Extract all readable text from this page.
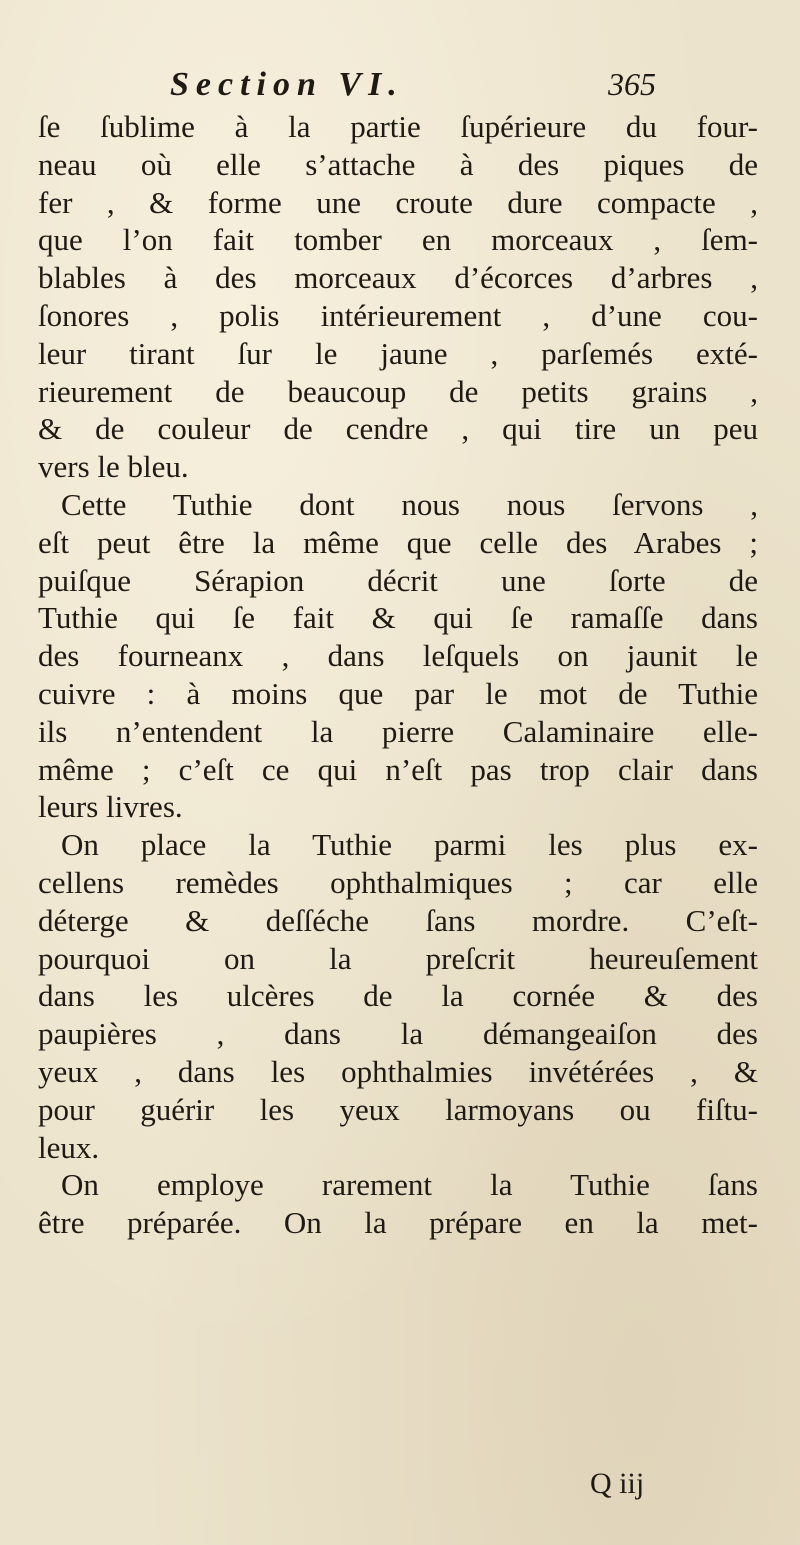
Section VI.	365
ſe ſublime à la partie ſupérieure du four-
neau où elle s’attache à des piques de
fer , & forme une croute dure compacte ,
que l’on fait tomber en morceaux , ſem-
blables à des morceaux d’écorces d’arbres ,
ſonores , polis intérieurement , d’une cou-
leur tirant ſur le jaune , parſemés exté-
rieurement de beaucoup de petits grains ,
& de couleur de cendre , qui tire un peu
vers le bleu.
Cette Tuthie dont nous nous ſervons ,
eſt peut être la même que celle des Arabes ;
puiſque Sérapion décrit une ſorte de
Tuthie qui ſe fait & qui ſe ramaſſe dans
des fourneanx , dans leſquels on jaunit le
cuivre : à moins que par le mot de Tuthie
ils n’entendent la pierre Calaminaire elle-
même ; c’eſt ce qui n’eſt pas trop clair dans
leurs livres.
On place la Tuthie parmi les plus ex-
cellens remèdes ophthalmiques ; car elle
déterge & deſſéche ſans mordre. C’eſt-
pourquoi on la preſcrit heureuſement
dans les ulcères de la cornée & des
paupières , dans la démangeaiſon des
yeux , dans les ophthalmies invétérées , &
pour guérir les yeux larmoyans ou fiſtu-
leux.
On employe rarement la Tuthie ſans
être préparée. On la prépare en la met-
Q iij
